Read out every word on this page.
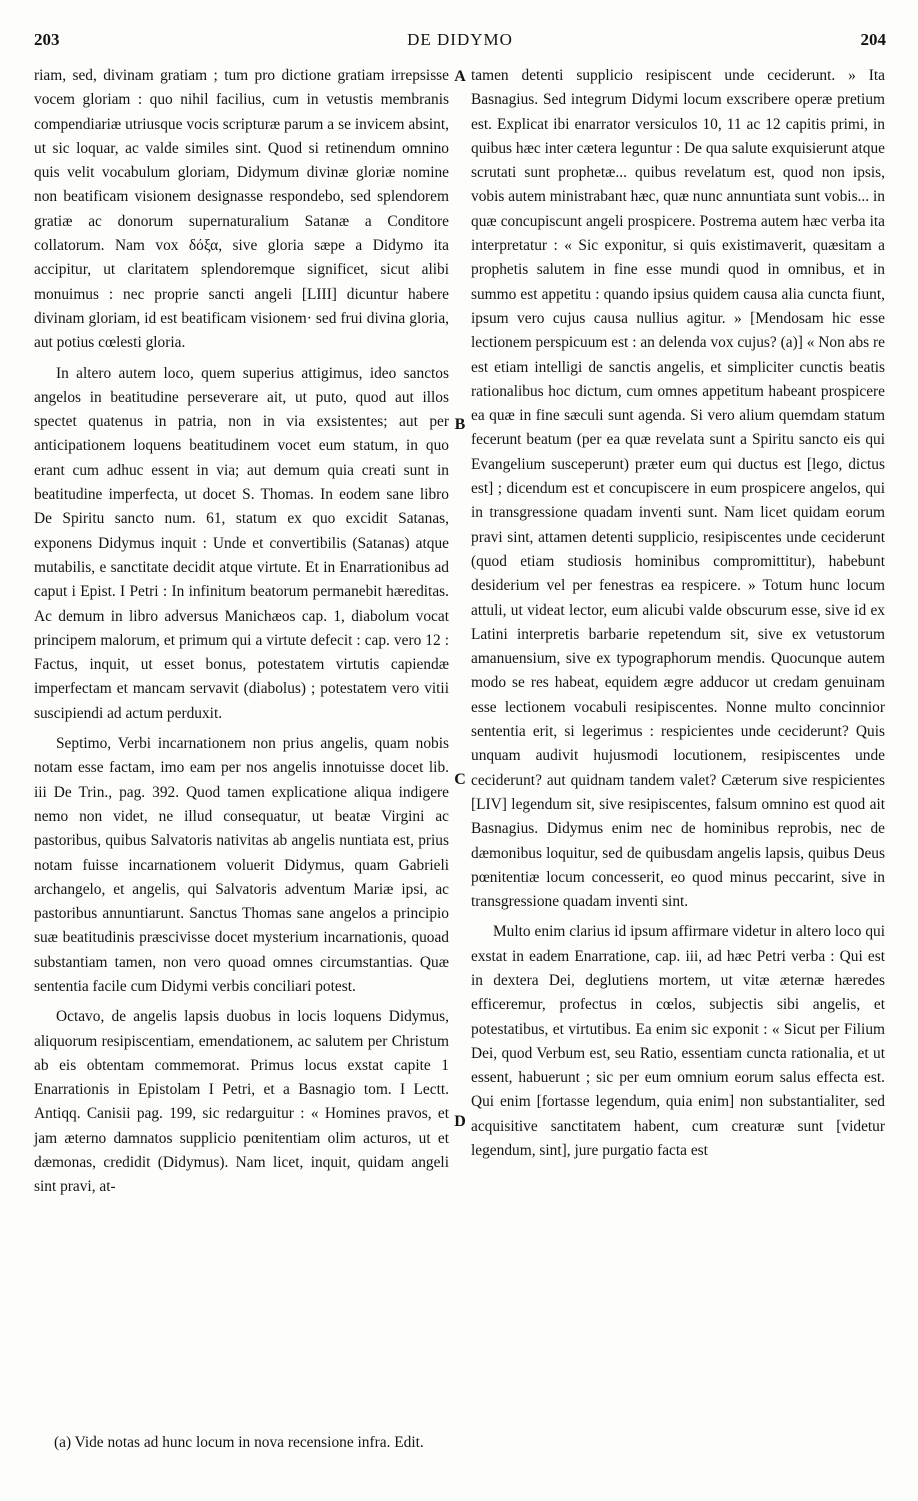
203	DE DIDYMO	204

riam, sed, divinam gratiam ; tum pro dictione gratiam irrepsisse vocem gloriam : quo nihil facilius, cum in vetustis membranis compendiariæ utriusque vocis scripturæ parum a se invicem absint, ut sic loquar, ac valde similes sint. Quod si retinendum omnino quis velit vocabulum gloriam, Didymum divinæ gloriæ nomine non beatificam visionem designasse respondebo, sed splendorem gratiæ ac donorum supernaturalium Satanæ a Conditore collatorum. Nam vox δόξα, sive gloria sæpe a Didymo ita accipitur, ut claritatem splendoremque significet, sicut alibi monuimus : nec proprie sancti angeli [LIII] dicuntur habere divinam gloriam, id est beatificam visionem· sed frui divina gloria, aut potius cœlesti gloria.

In altero autem loco, quem superius attigimus, ideo sanctos angelos in beatitudine perseverare ait, ut puto, quod aut illos spectet quatenus in patria, non in via exsistentes; aut per anticipationem loquens beatitudinem vocet eum statum, in quo erant cum adhuc essent in via; aut demum quia creati sunt in beatitudine imperfecta, ut docet S. Thomas. In eodem sane libro De Spiritu sancto num. 61, statum ex quo excidit Satanas, exponens Didymus inquit : Unde et convertibilis (Satanas) atque mutabilis, e sanctitate decidit atque virtute. Et in Enarrationibus ad caput i Epist. I Petri : In infinitum beatorum permanebit hæreditas. Ac demum in libro adversus Manichæos cap. 1, diabolum vocat principem malorum, et primum qui a virtute defecit : cap. vero 12 : Factus, inquit, ut esset bonus, potestatem virtutis capiendæ imperfectam et mancam servavit (diabolus) ; potestatem vero vitii suscipiendi ad actum perduxit.

Septimo, Verbi incarnationem non prius angelis, quam nobis notam esse factam, imo eam per nos angelis innotuisse docet lib. iii De Trin., pag. 392. Quod tamen explicatione aliqua indigere nemo non videt, ne illud consequatur, ut beatæ Virgini ac pastoribus, quibus Salvatoris nativitas ab angelis nuntiata est, prius notam fuisse incarnationem voluerit Didymus, quam Gabrieli archangelo, et angelis, qui Salvatoris adventum Mariæ ipsi, ac pastoribus annuntiarunt. Sanctus Thomas sane angelos a principio suæ beatitudinis præscivisse docet mysterium incarnationis, quoad substantiam tamen, non vero quoad omnes circumstantias. Quæ sententia facile cum Didymi verbis conciliari potest.

Octavo, de angelis lapsis duobus in locis loquens Didymus, aliquorum resipiscentiam, emendationem, ac salutem per Christum ab eis obtentam commemorat. Primus locus exstat capite 1 Enarrationis in Epistolam I Petri, et a Basnagio tom. I Lectt. Antiqq. Canisii pag. 199, sic redarguitur : « Homines pravos, et jam æterno damnatos supplicio pœnitentiam olim acturos, ut et dæmonas, credidit (Didymus). Nam licet, inquit, quidam angeli sint pravi, at-

A
B
C
D

tamen detenti supplicio resipiscent unde ceciderunt. » Ita Basnagius. Sed integrum Didymi locum exscribere operæ pretium est. Explicat ibi enarrator versiculos 10, 11 ac 12 capitis primi, in quibus hæc inter cætera leguntur : De qua salute exquisierunt atque scrutati sunt prophetæ... quibus revelatum est, quod non ipsis, vobis autem ministrabant hæc, quæ nunc annuntiata sunt vobis... in quæ concupiscunt angeli prospicere. Postrema autem hæc verba ita interpretatur : « Sic exponitur, si quis existimaverit, quæsitam a prophetis salutem in fine esse mundi quod in omnibus, et in summo est appetitu : quando ipsius quidem causa alia cuncta fiunt, ipsum vero cujus causa nullius agitur. » [Mendosam hic esse lectionem perspicuum est : an delenda vox cujus? (a)] « Non abs re est etiam intelligi de sanctis angelis, et simpliciter cunctis beatis rationalibus hoc dictum, cum omnes appetitum habeant prospicere ea quæ in fine sæculi sunt agenda. Si vero alium quemdam statum fecerunt beatum (per ea quæ revelata sunt a Spiritu sancto eis qui Evangelium susceperunt) præter eum qui ductus est [lego, dictus est] ; dicendum est et concupiscere in eum prospicere angelos, qui in transgressione quadam inventi sunt. Nam licet quidam eorum pravi sint, attamen detenti supplicio, resipiscentes unde ceciderunt (quod etiam studiosis hominibus compromittitur), habebunt desiderium vel per fenestras ea respicere. » Totum hunc locum attuli, ut videat lector, eum alicubi valde obscurum esse, sive id ex Latini interpretis barbarie repetendum sit, sive ex vetustorum amanuensium, sive ex typographorum mendis. Quocunque autem modo se res habeat, equidem ægre adducor ut credam genuinam esse lectionem vocabuli resipiscentes. Nonne multo concinnior sententia erit, si legerimus : respicientes unde ceciderunt? Quis unquam audivit hujusmodi locutionem, resipiscentes unde ceciderunt? aut quidnam tandem valet? Cæterum sive respicientes [LIV] legendum sit, sive resipiscentes, falsum omnino est quod ait Basnagius. Didymus enim nec de hominibus reprobis, nec de dæmonibus loquitur, sed de quibusdam angelis lapsis, quibus Deus pœnitentiæ locum concesserit, eo quod minus peccarint, sive in transgressione quadam inventi sint.

Multo enim clarius id ipsum affirmare videtur in altero loco qui exstat in eadem Enarratione, cap. iii, ad hæc Petri verba : Qui est in dextera Dei, deglutiens mortem, ut vitæ æternæ hæredes efficeremur, profectus in cœlos, subjectis sibi angelis, et potestatibus, et virtutibus. Ea enim sic exponit : « Sicut per Filium Dei, quod Verbum est, seu Ratio, essentiam cuncta rationalia, et ut essent, habuerunt ; sic per eum omnium eorum salus effecta est. Qui enim [fortasse legendum, quia enim] non substantialiter, sed acquisitive sanctitatem habent, cum creaturæ sunt [videtur legendum, sint], jure purgatio facta est

(a) Vide notas ad hunc locum in nova recensione infra. Edit.
